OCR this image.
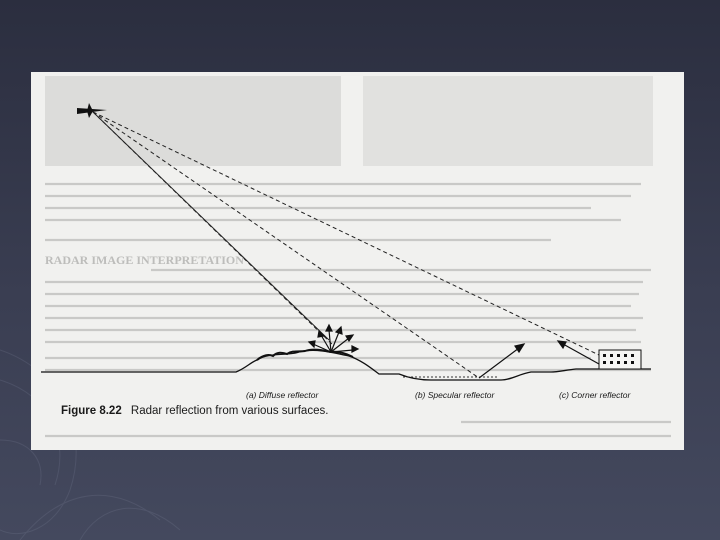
RADAR IMAGE INTERPRETATION
(a) Diffuse reflector	(b) Specular reflector	(c) Corner reflector

Figure 8.22 Radar reflection from various surfaces.
